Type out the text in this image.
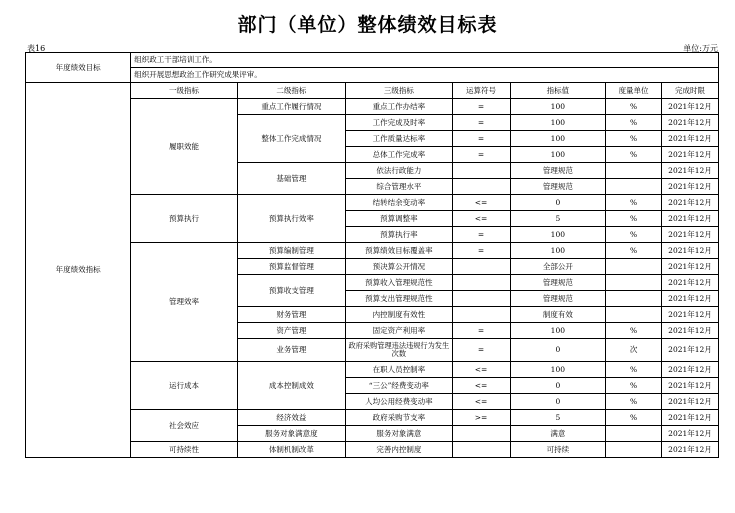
部门（单位）整体绩效目标表
表16	单位:万元
年度绩效目标	组织政工干部培训工作。						
	组织开展思想政治工作研究成果评审。						
年度绩效指标	一级指标	二级指标	三级指标	运算符号	指标值	度量单位	完成时限
	履职效能	重点工作履行情况	重点工作办结率	=	100	%	2021年12月
		整体工作完成情况	工作完成及时率	=	100	%	2021年12月
			工作质量达标率	=	100	%	2021年12月
			总体工作完成率	=	100	%	2021年12月
		基础管理	依法行政能力		管理规范		2021年12月
			综合管理水平		管理规范		2021年12月
	预算执行	预算执行效率	结转结余变动率	<=	0	%	2021年12月
			预算调整率	<=	5	%	2021年12月
			预算执行率	=	100	%	2021年12月
	管理效率	预算编制管理	预算绩效目标覆盖率	=	100	%	2021年12月
		预算监督管理	预决算公开情况		全部公开		2021年12月
		预算收支管理	预算收入管理规范性		管理规范		2021年12月
			预算支出管理规范性		管理规范		2021年12月
		财务管理	内控制度有效性		制度有效		2021年12月
		资产管理	固定资产利用率	=	100	%	2021年12月
		业务管理	政府采购管理违法违规行为发生次数	=	0	次	2021年12月
	运行成本	成本控制成效	在职人员控制率	<=	100	%	2021年12月
			“三公”经费变动率	<=	0	%	2021年12月
			人均公用经费变动率	<=	0	%	2021年12月
	社会效应	经济效益	政府采购节支率	>=	5	%	2021年12月
		服务对象满意度	服务对象满意		满意		2021年12月
	可持续性	体制机制改革	完善内控制度		可持续		2021年12月
